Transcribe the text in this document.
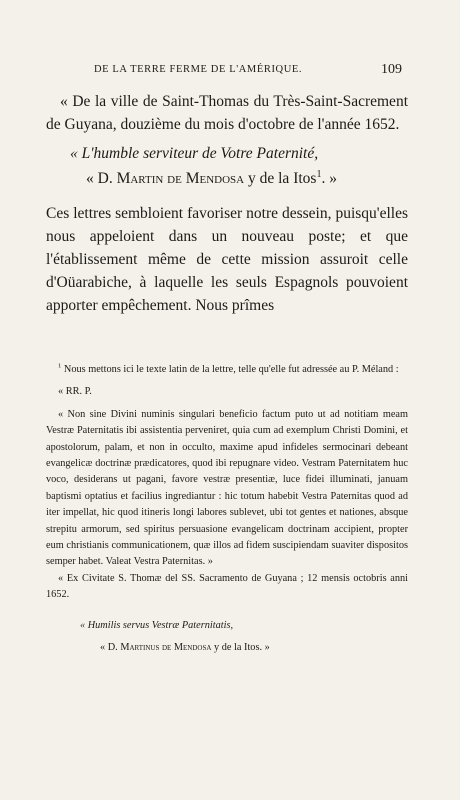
DE LA TERRE FERME DE L'AMÉRIQUE.	109

« De la ville de Saint-Thomas du Très-Saint-Sacrement de Guyana, douzième du mois d'octobre de l'année 1652.

« L'humble serviteur de Votre Paternité,

« D. Martin de Mendosa y de la Itos$^1$. »

Ces lettres sembloient favoriser notre dessein, puisqu'elles nous appeloient dans un nouveau poste; et que l'établissement même de cette mission assuroit celle d'Oüarabiche, à laquelle les seuls Espagnols pouvoient apporter empêchement. Nous prîmes

$^1$ Nous mettons ici le texte latin de la lettre, telle qu'elle fut adressée au P. Méland :

« RR. P.

« Non sine Divini numinis singulari beneficio factum puto ut ad notitiam meam Vestræ Paternitatis ibi assistentia perveniret, quia cum ad exemplum Christi Domini, et apostolorum, palam, et non in occulto, maxime apud infideles sermocinari debeant evangelicæ doctrinæ prædicatores, quod ibi repugnare video. Vestram Paternitatem huc voco, desiderans ut pagani, favore vestræ presentiæ, luce fidei illuminati, januam baptismi optatius et facilius ingrediantur : hic totum habebit Vestra Paternitas quod ad iter impellat, hic quod itineris longi labores sublevet, ubi tot gentes et nationes, absque strepitu armorum, sed spiritus persuasione evangelicam doctrinam accipient, propter eum christianis communicationem, quæ illos ad fidem suscipiendam suaviter dispositos semper habet. Valeat Vestra Paternitas. »

« Ex Civitate S. Thomæ del SS. Sacramento de Guyana ; 12 mensis octobris anni 1652.

« Humilis servus Vestræ Paternitatis,

« D. Martinus de Mendosa y de la Itos. »
